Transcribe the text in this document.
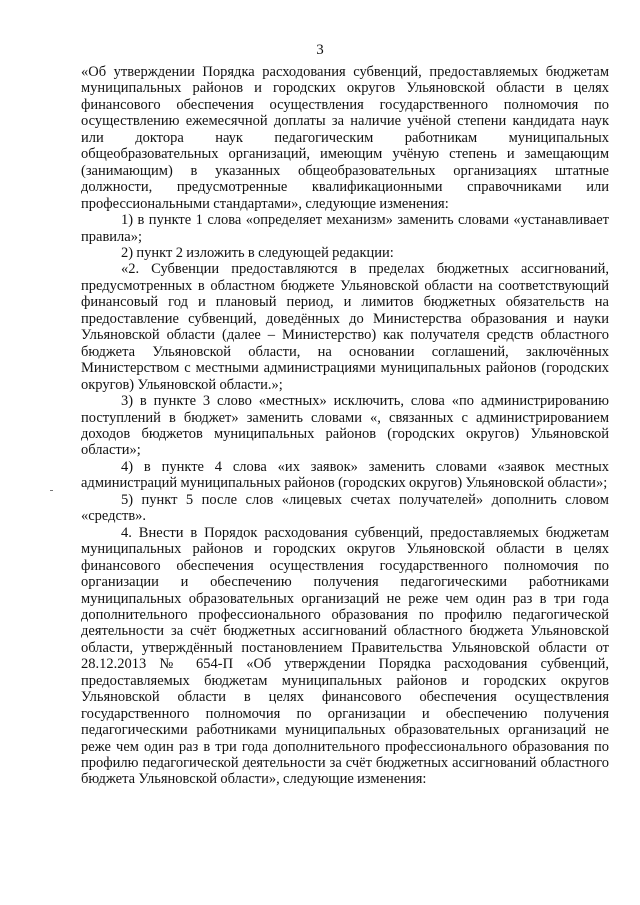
3

«Об утверждении Порядка расходования субвенций, предоставляемых бюджетам муниципальных районов и городских округов Ульяновской области в целях финансового обеспечения осуществления государственного полномочия по осуществлению ежемесячной доплаты за наличие учёной степени кандидата наук или доктора наук педагогическим работникам муниципальных общеобразовательных организаций, имеющим учёную степень и замещающим (занимающим) в указанных общеобразовательных организациях штатные должности, предусмотренные квалификационными справочниками или профессиональными стандартами», следующие изменения:

1) в пункте 1 слова «определяет механизм» заменить словами «устанавливает правила»;

2) пункт 2 изложить в следующей редакции:

«2. Субвенции предоставляются в пределах бюджетных ассигнований, предусмотренных в областном бюджете Ульяновской области на соответствующий финансовый год и плановый период, и лимитов бюджетных обязательств на предоставление субвенций, доведённых до Министерства образования и науки Ульяновской области (далее – Министерство) как получателя средств областного бюджета Ульяновской области, на основании соглашений, заключённых Министерством с местными администрациями муниципальных районов (городских округов) Ульяновской области.»;

3) в пункте 3 слово «местных» исключить, слова «по администрированию поступлений в бюджет» заменить словами «, связанных с администрированием доходов бюджетов муниципальных районов (городских округов) Ульяновской области»;

4) в пункте 4 слова «их заявок» заменить словами «заявок местных администраций муниципальных районов (городских округов) Ульяновской области»;

5) пункт 5 после слов «лицевых счетах получателей» дополнить словом «средств».

4. Внести в Порядок расходования субвенций, предоставляемых бюджетам муниципальных районов и городских округов Ульяновской области в целях финансового обеспечения осуществления государственного полномочия по организации и обеспечению получения педагогическими работниками муниципальных образовательных организаций не реже чем один раз в три года дополнительного профессионального образования по профилю педагогической деятельности за счёт бюджетных ассигнований областного бюджета Ульяновской области, утверждённый постановлением Правительства Ульяновской области от 28.12.2013 № 654-П «Об утверждении Порядка расходования субвенций, предоставляемых бюджетам муниципальных районов и городских округов Ульяновской области в целях финансового обеспечения осуществления государственного полномочия по организации и обеспечению получения педагогическими работниками муниципальных образовательных организаций не реже чем один раз в три года дополнительного профессионального образования по профилю педагогической деятельности за счёт бюджетных ассигнований областного бюджета Ульяновской области», следующие изменения:
